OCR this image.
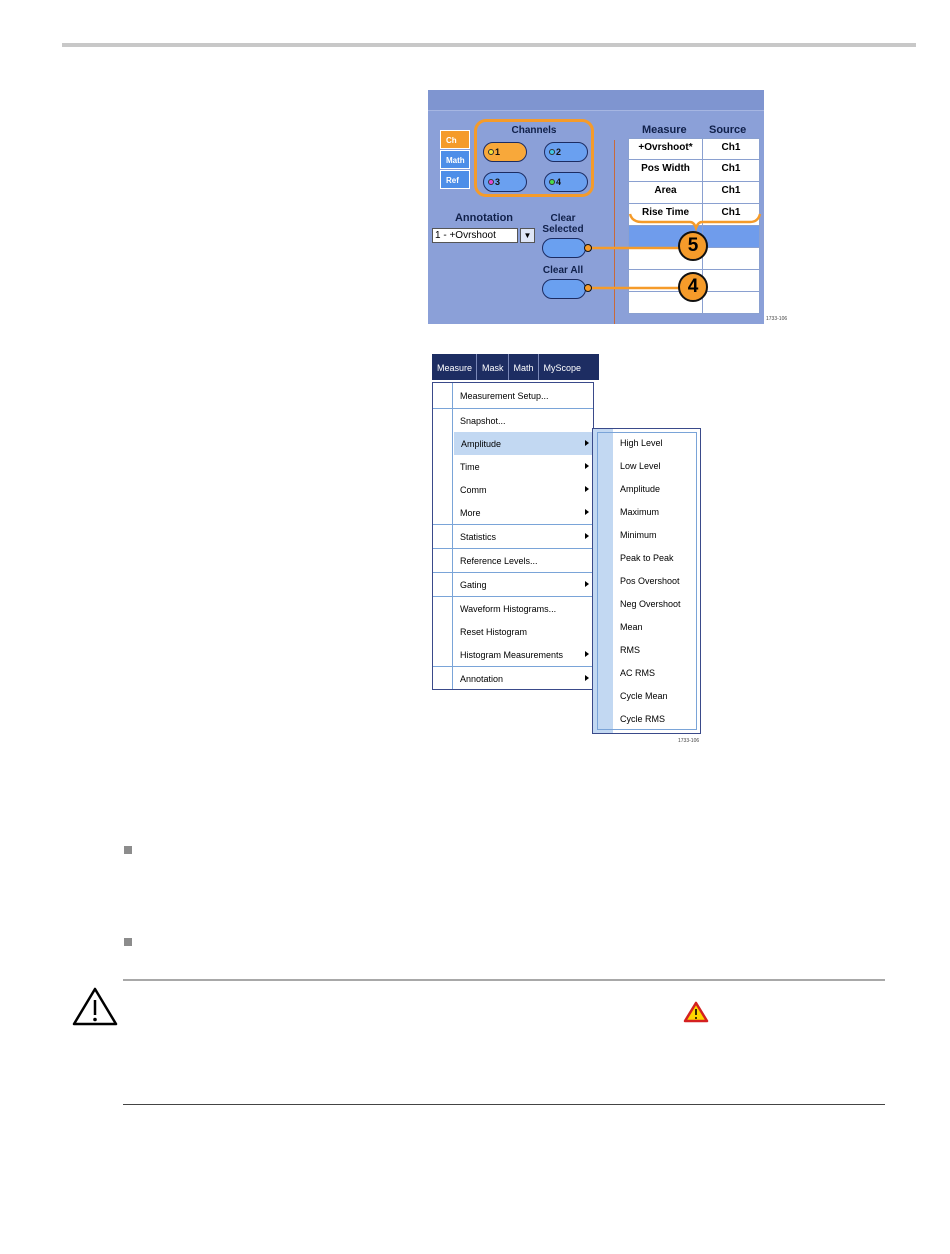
Ch
Math
Ref
Channels
1	2
3	4
Annotation
1 - +Ovrshoot	▼
Clear Selected
Clear All
Measure Source
+Ovrshoot*	Ch1
Pos Width	Ch1
Area	Ch1
Rise Time	Ch1
5
4
1733-106
Measure	Mask	Math	MyScope
Measurement Setup...
Snapshot...
Amplitude
Time
Comm
More
Statistics
Reference Levels...
Gating
Waveform Histograms...
Reset Histogram
Histogram Measurements
Annotation
High Level
Low Level
Amplitude
Maximum
Minimum
Peak to Peak
Pos Overshoot
Neg Overshoot
Mean
RMS
AC RMS
Cycle Mean
Cycle RMS
1733-106
